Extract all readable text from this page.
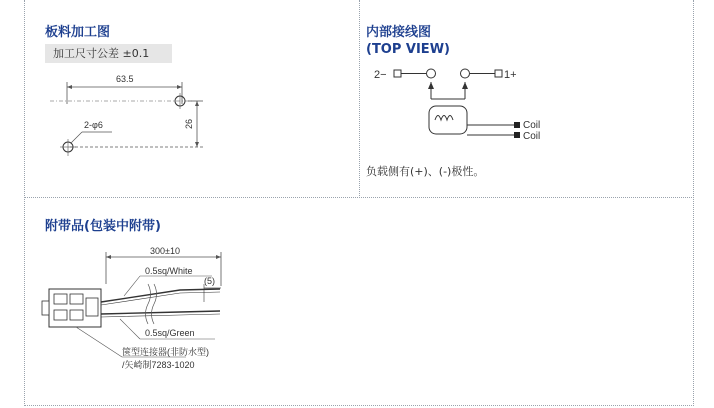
板料加工图
加工尺寸公差 ±0.1
63.5
26
2-φ6
内部接线图
(TOP VIEW)
2−	1+
Coil
Coil
负载侧有(+)、(-)极性。
附带品(包装中附带)
300±10
(5)
0.5sq/White
0.5sq/Green
箧型连接器(非防水型)
/矢崎制7283-1020
